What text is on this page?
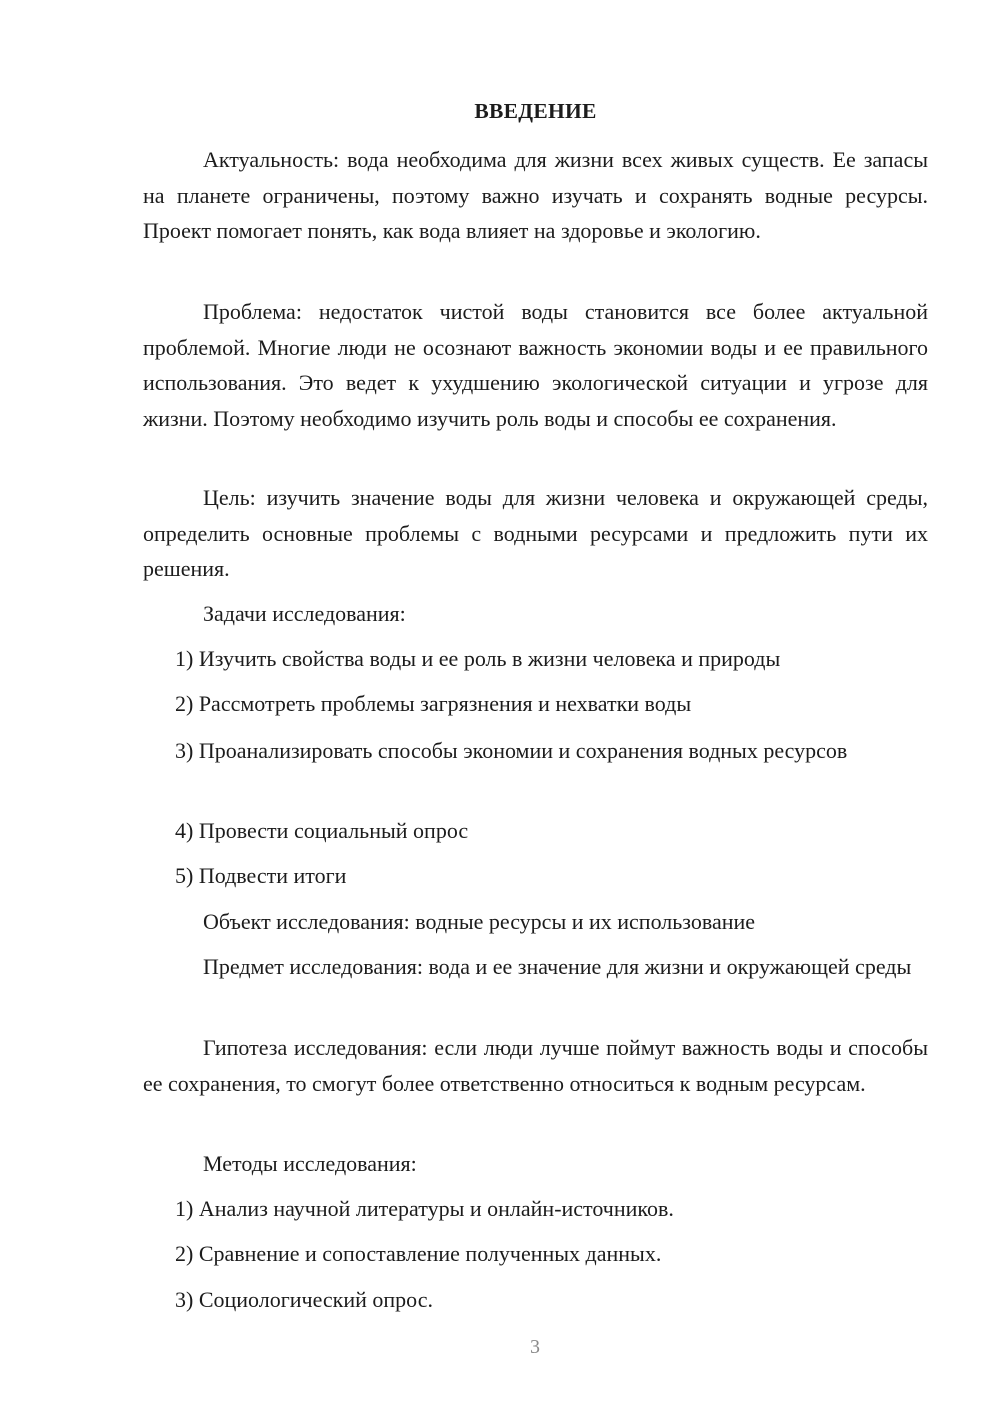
ВВЕДЕНИЕ

Актуальность: вода необходима для жизни всех живых существ. Ее запасы на планете ограничены, поэтому важно изучать и сохранять водные ресурсы. Проект помогает понять, как вода влияет на здоровье и экологию.

Проблема: недостаток чистой воды становится все более актуальной проблемой. Многие люди не осознают важность экономии воды и ее правильного использования. Это ведет к ухудшению экологической ситуации и угрозе для жизни. Поэтому необходимо изучить роль воды и способы ее сохранения.

Цель: изучить значение воды для жизни человека и окружающей среды, определить основные проблемы с водными ресурсами и предложить пути их решения.

Задачи исследования:

1) Изучить свойства воды и ее роль в жизни человека и природы

2) Рассмотреть проблемы загрязнения и нехватки воды

3) Проанализировать способы экономии и сохранения водных ресурсов

4) Провести социальный опрос

5) Подвести итоги

Объект исследования: водные ресурсы и их использование

Предмет исследования: вода и ее значение для жизни и окружающей среды

Гипотеза исследования: если люди лучше поймут важность воды и способы ее сохранения, то смогут более ответственно относиться к водным ресурсам.

Методы исследования:

1) Анализ научной литературы и онлайн-источников.

2) Сравнение и сопоставление полученных данных.

3) Социологический опрос.

3
